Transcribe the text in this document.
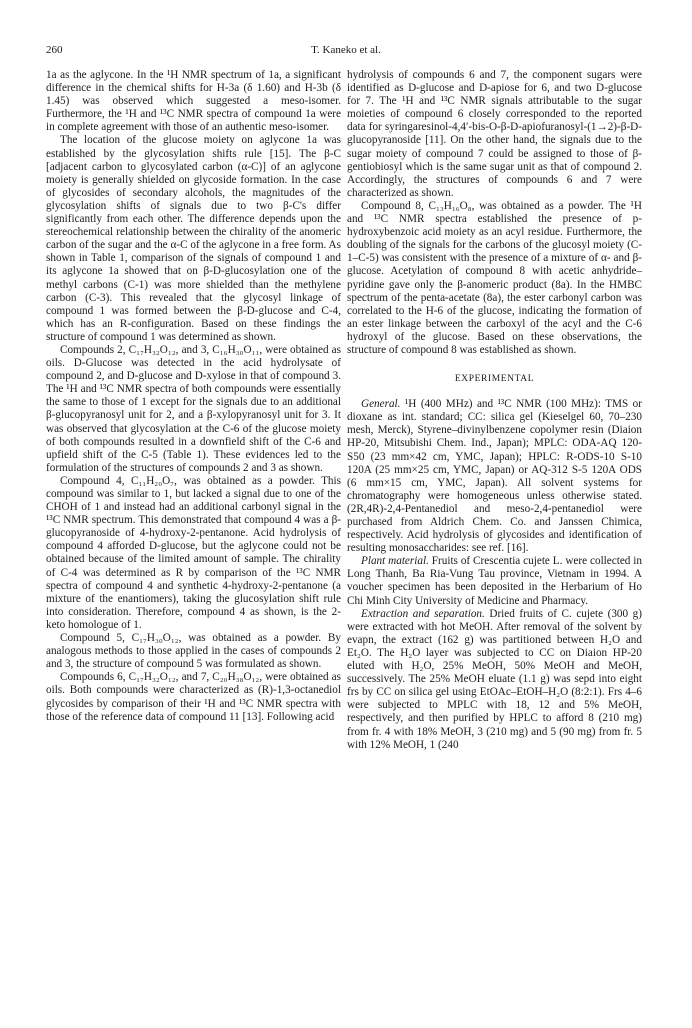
260	T. Kaneko et al.

1a as the aglycone. In the ¹H NMR spectrum of 1a, a significant difference in the chemical shifts for H-3a (δ 1.60) and H-3b (δ 1.45) was observed which suggested a meso-isomer. Furthermore, the ¹H and ¹³C NMR spectra of compound 1a were in complete agreement with those of an authentic meso-isomer.

The location of the glucose moiety on aglycone 1a was established by the glycosylation shifts rule [15]. The β-C [adjacent carbon to glycosylated carbon (α-C)] of an aglycone moiety is generally shielded on glycoside formation. In the case of glycosides of secondary alcohols, the magnitudes of the glycosylation shifts of signals due to two β-C's differ significantly from each other. The difference depends upon the stereochemical relationship between the chirality of the anomeric carbon of the sugar and the α-C of the aglycone in a free form. As shown in Table 1, comparison of the signals of compound 1 and its aglycone 1a showed that on β-D-glucosylation one of the methyl carbons (C-1) was more shielded than the methylene carbon (C-3). This revealed that the glycosyl linkage of compound 1 was formed between the β-D-glucose and C-4, which has an R-configuration. Based on these findings the structure of compound 1 was determined as shown.

Compounds 2, C₁₇H₃₂O₁₂, and 3, C₁₆H₃₀O₁₁, were obtained as oils. D-Glucose was detected in the acid hydrolysate of compound 2, and D-glucose and D-xylose in that of compound 3. The ¹H and ¹³C NMR spectra of both compounds were essentially the same to those of 1 except for the signals due to an additional β-glucopyranosyl unit for 2, and a β-xylopyranosyl unit for 3. It was observed that glycosylation at the C-6 of the glucose moiety of both compounds resulted in a downfield shift of the C-6 and upfield shift of the C-5 (Table 1). These evidences led to the formulation of the structures of compounds 2 and 3 as shown.

Compound 4, C₁₁H₂₀O₇, was obtained as a powder. This compound was similar to 1, but lacked a signal due to one of the CHOH of 1 and instead had an additional carbonyl signal in the ¹³C NMR spectrum. This demonstrated that compound 4 was a β-glucopyranoside of 4-hydroxy-2-pentanone. Acid hydrolysis of compound 4 afforded D-glucose, but the aglycone could not be obtained because of the limited amount of sample. The chirality of C-4 was determined as R by comparison of the ¹³C NMR spectra of compound 4 and synthetic 4-hydroxy-2-pentanone (a mixture of the enantiomers), taking the glucosylation shift rule into consideration. Therefore, compound 4 as shown, is the 2-keto homologue of 1.

Compound 5, C₁₇H₃₀O₁₂, was obtained as a powder. By analogous methods to those applied in the cases of compounds 2 and 3, the structure of compound 5 was formulated as shown.

Compounds 6, C₁₇H₃₂O₁₂, and 7, C₂₀H₃₈O₁₂, were obtained as oils. Both compounds were characterized as (R)-1,3-octanediol glycosides by comparison of their ¹H and ¹³C NMR spectra with those of the reference data of compound 11 [13]. Following acid

hydrolysis of compounds 6 and 7, the component sugars were identified as D-glucose and D-apiose for 6, and two D-glucose for 7. The ¹H and ¹³C NMR signals attributable to the sugar moieties of compound 6 closely corresponded to the reported data for syringaresinol-4,4′-bis-O-β-D-apiofuranosyl-(1→2)-β-D-glucopyranoside [11]. On the other hand, the signals due to the sugar moiety of compound 7 could be assigned to those of β-gentiobiosyl which is the same sugar unit as that of compound 2. Accordingly, the structures of compounds 6 and 7 were characterized as shown.

Compound 8, C₁₃H₁₆O₈, was obtained as a powder. The ¹H and ¹³C NMR spectra established the presence of p-hydroxybenzoic acid moiety as an acyl residue. Furthermore, the doubling of the signals for the carbons of the glucosyl moiety (C-1–C-5) was consistent with the presence of a mixture of α- and β-glucose. Acetylation of compound 8 with acetic anhydride–pyridine gave only the β-anomeric product (8a). In the HMBC spectrum of the penta-acetate (8a), the ester carbonyl carbon was correlated to the H-6 of the glucose, indicating the formation of an ester linkage between the carboxyl of the acyl and the C-6 hydroxyl of the glucose. Based on these observations, the structure of compound 8 was established as shown.

EXPERIMENTAL

General. ¹H (400 MHz) and ¹³C NMR (100 MHz): TMS or dioxane as int. standard; CC: silica gel (Kieselgel 60, 70–230 mesh, Merck), Styrene–divinylbenzene copolymer resin (Diaion HP-20, Mitsubishi Chem. Ind., Japan); MPLC: ODA-AQ 120-S50 (23 mm×42 cm, YMC, Japan); HPLC: R-ODS-10 S-10 120A (25 mm×25 cm, YMC, Japan) or AQ-312 S-5 120A ODS (6 mm×15 cm, YMC, Japan). All solvent systems for chromatography were homogeneous unless otherwise stated. (2R,4R)-2,4-Pentanediol and meso-2,4-pentanediol were purchased from Aldrich Chem. Co. and Janssen Chimica, respectively. Acid hydrolysis of glycosides and identification of resulting monosaccharides: see ref. [16].

Plant material. Fruits of Crescentia cujete L. were collected in Long Thanh, Ba Ria-Vung Tau province, Vietnam in 1994. A voucher specimen has been deposited in the Herbarium of Ho Chi Minh City University of Medicine and Pharmacy.

Extraction and separation. Dried fruits of C. cujete (300 g) were extracted with hot MeOH. After removal of the solvent by evapn, the extract (162 g) was partitioned between H₂O and Et₂O. The H₂O layer was subjected to CC on Diaion HP-20 eluted with H₂O, 25% MeOH, 50% MeOH and MeOH, successively. The 25% MeOH eluate (1.1 g) was sepd into eight frs by CC on silica gel using EtOAc–EtOH–H₂O (8:2:1). Frs 4–6 were subjected to MPLC with 18, 12 and 5% MeOH, respectively, and then purified by HPLC to afford 8 (210 mg) from fr. 4 with 18% MeOH, 3 (210 mg) and 5 (90 mg) from fr. 5 with 12% MeOH, 1 (240
